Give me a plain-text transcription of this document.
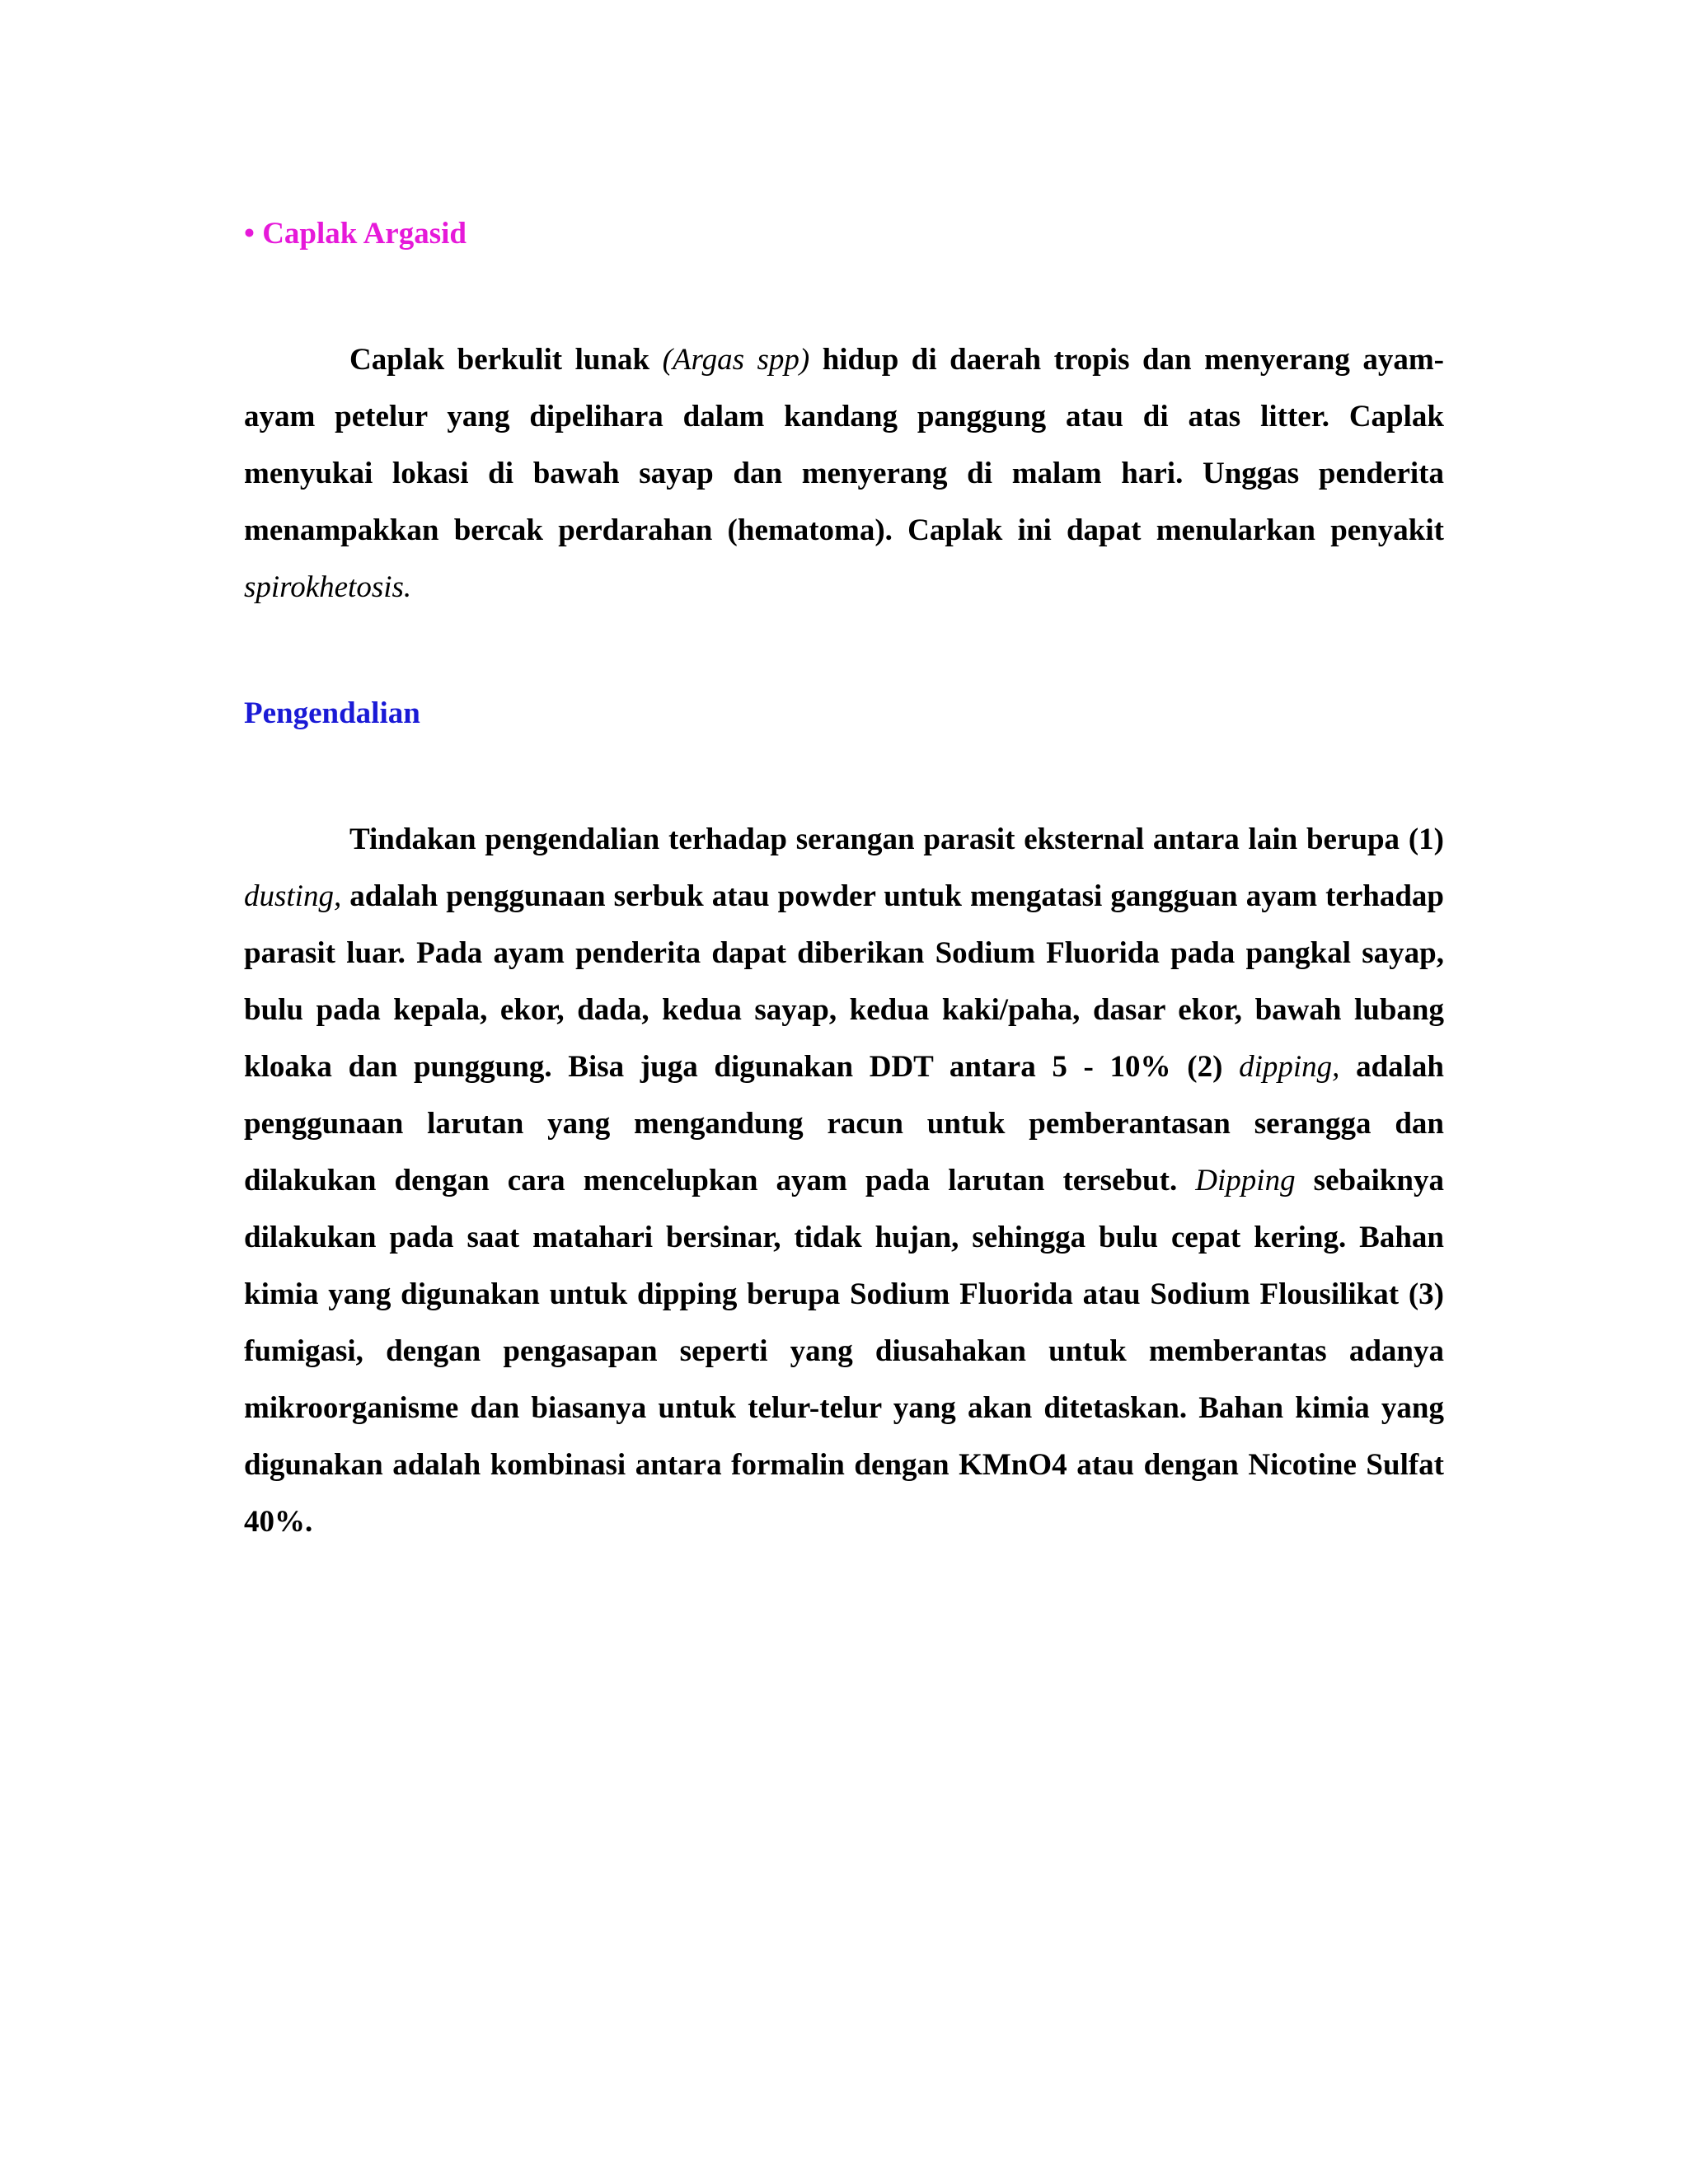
• Caplak Argasid

Caplak berkulit lunak (Argas spp) hidup di daerah tropis dan menyerang ayam- ayam petelur yang dipelihara dalam kandang panggung atau di atas litter. Caplak menyukai lokasi di bawah sayap dan menyerang di malam hari. Unggas penderita menampakkan bercak perdarahan (hematoma). Caplak ini dapat menularkan penyakit spirokhetosis.

Pengendalian

Tindakan pengendalian terhadap serangan parasit eksternal antara lain berupa (1) dusting, adalah penggunaan serbuk atau powder untuk mengatasi gangguan ayam terhadap parasit luar. Pada ayam penderita dapat diberikan Sodium Fluorida pada pangkal sayap, bulu pada kepala, ekor, dada, kedua sayap, kedua kaki/paha, dasar ekor, bawah lubang kloaka dan punggung. Bisa juga digunakan DDT antara 5 - 10% (2) dipping, adalah penggunaan larutan yang mengandung racun untuk pemberantasan serangga dan dilakukan dengan cara mencelupkan ayam pada larutan tersebut. Dipping sebaiknya dilakukan pada saat matahari bersinar, tidak hujan, sehingga bulu cepat kering. Bahan kimia yang digunakan untuk dipping berupa Sodium Fluorida atau Sodium Flousilikat (3) fumigasi, dengan pengasapan seperti yang diusahakan untuk memberantas adanya mikroorganisme dan biasanya untuk telur-telur yang akan ditetaskan. Bahan kimia yang digunakan adalah kombinasi antara formalin dengan KMnO4 atau dengan Nicotine Sulfat 40%.
